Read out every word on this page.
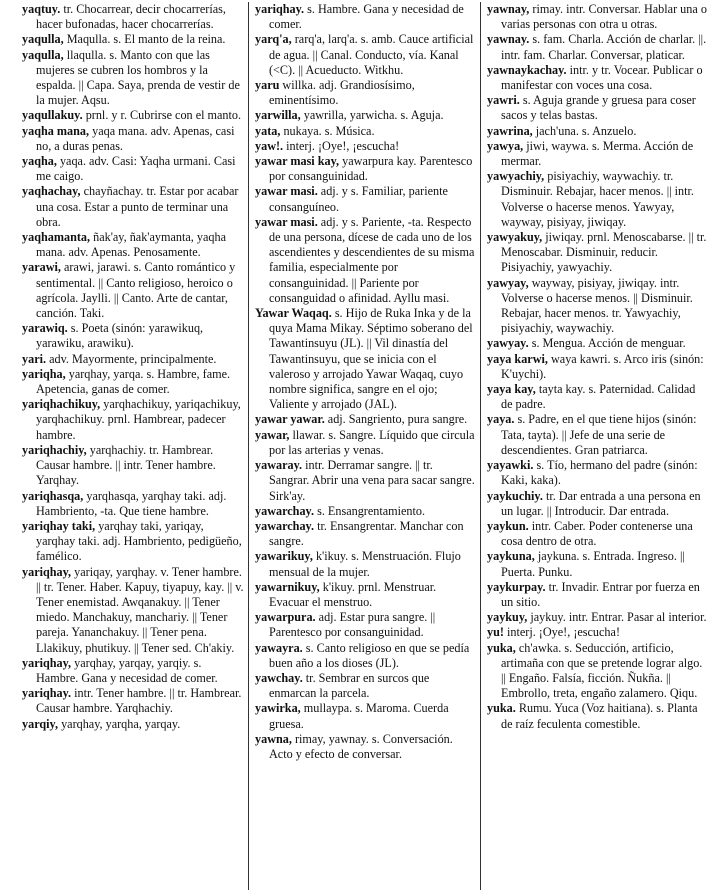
yaqtuy. tr. Chocarrear, decir chocarrerías, hacer bufonadas, hacer chocarrerías.

yaqulla, Maqulla. s. El manto de la reina.

yaqulla, llaqulla. s. Manto con que las mujeres se cubren los hombros y la espalda. || Capa. Saya, prenda de vestir de la mujer. Aqsu.

yaqullakuy. prnl. y r. Cubrirse con el manto.

yaqha mana, yaqa mana. adv. Apenas, casi no, a duras penas.

yaqha, yaqa. adv. Casi: Yaqha urmani. Casi me caigo.

yaqhachay, chayñachay. tr. Estar por acabar una cosa. Estar a punto de terminar una obra.

yaqhamanta, ñak'ay, ñak'aymanta, yaqha mana. adv. Apenas. Penosamente.

yarawi, arawi, jarawi. s. Canto romántico y sentimental. || Canto religioso, heroico o agrícola. Jaylli. || Canto. Arte de cantar, canción. Taki.

yarawiq. s. Poeta (sinón: yarawikuq, yarawiku, arawiku).

yari. adv. Mayormente, principalmente.

yariqha, yarqhay, yarqa. s. Hambre, fame. Apetencia, ganas de comer.

yariqhachikuy, yarqhachikuy, yariqachikuy, yarqhachikuy. prnl. Hambrear, padecer hambre.

yariqhachiy, yarqhachiy. tr. Hambrear. Causar hambre. || intr. Tener hambre. Yarqhay.

yariqhasqa, yarqhasqa, yarqhay taki. adj. Hambriento, -ta. Que tiene hambre.

yariqhay taki, yarqhay taki, yariqay, yarqhay taki. adj. Hambriento, pedigüeño, famélico.

yariqhay, yariqay, yarqhay. v. Tener hambre. || tr. Tener. Haber. Kapuy, tiyapuy, kay. || v. Tener enemistad. Awqanakuy. || Tener miedo. Manchakuy, manchariy. || Tener pareja. Yananchakuy. || Tener pena. Llakikuy, phutikuy. || Tener sed. Ch'akiy.

yariqhay, yarqhay, yarqay, yarqiy. s. Hambre. Gana y necesidad de comer.

yariqhay. intr. Tener hambre. || tr. Hambrear. Causar hambre. Yarqhachiy.

yarqiy, yarqhay, yarqha, yarqay.

yariqhay. s. Hambre. Gana y necesidad de comer.

yarq'a, rarq'a, larq'a. s. amb. Cauce artificial de agua. || Canal. Conducto, vía. Kanal (<C). || Acueducto. Witkhu.

yaru willka. adj. Grandiosísimo, eminentísimo.

yarwilla, yawrilla, yarwicha. s. Aguja.

yata, nukaya. s. Música.

yaw!. interj. ¡Oye!, ¡escucha!

yawar masi kay, yawarpura kay. Parentesco por consanguinidad.

yawar masi. adj. y s. Familiar, pariente consanguíneo.

yawar masi. adj. y s. Pariente, -ta. Respecto de una persona, dícese de cada uno de los ascendientes y descendientes de su misma familia, especialmente por consanguinidad. || Pariente por consanguidad o afinidad. Ayllu masi.

Yawar Waqaq. s. Hijo de Ruka Inka y de la quya Mama Mikay. Séptimo soberano del Tawantinsuyu (JL). || Vil dinastía del Tawantinsuyu, que se inicia con el valeroso y arrojado Yawar Waqaq, cuyo nombre significa, sangre en el ojo; Valiente y arrojado (JAL).

yawar yawar. adj. Sangriento, pura sangre.

yawar, llawar. s. Sangre. Líquido que circula por las arterias y venas.

yawaray. intr. Derramar sangre. || tr. Sangrar. Abrir una vena para sacar sangre. Sirk'ay.

yawarchay. s. Ensangrentamiento.

yawarchay. tr. Ensangrentar. Manchar con sangre.

yawarikuy, k'ikuy. s. Menstruación. Flujo mensual de la mujer.

yawarnikuy, k'ikuy. prnl. Menstruar. Evacuar el menstruo.

yawarpura. adj. Estar pura sangre. || Parentesco por consanguinidad.

yawayra. s. Canto religioso en que se pedía buen año a los dioses (JL).

yawchay. tr. Sembrar en surcos que enmarcan la parcela.

yawirka, mullaypa. s. Maroma. Cuerda gruesa.

yawna, rimay, yawnay. s. Conversación. Acto y efecto de conversar.

yawnay, rimay. intr. Conversar. Hablar una o varias personas con otra u otras.

yawnay. s. fam. Charla. Acción de charlar. ||. intr. fam. Charlar. Conversar, platicar.

yawnaykachay. intr. y tr. Vocear. Publicar o manifestar con voces una cosa.

yawri. s. Aguja grande y gruesa para coser sacos y telas bastas.

yawrina, jach'una. s. Anzuelo.

yawya, jiwi, waywa. s. Merma. Acción de mermar.

yawyachiy, pisiyachiy, waywachiy. tr. Disminuir. Rebajar, hacer menos. || intr. Volverse o hacerse menos. Yawyay, wayway, pisiyay, jiwiqay.

yawyakuy, jiwiqay. prnl. Menoscabarse. || tr. Menoscabar. Disminuir, reducir. Pisiyachiy, yawyachiy.

yawyay, wayway, pisiyay, jiwiqay. intr. Volverse o hacerse menos. || Disminuir. Rebajar, hacer menos. tr. Yawyachiy, pisiyachiy, waywachiy.

yawyay. s. Mengua. Acción de menguar.

yaya karwi, waya kawri. s. Arco iris (sinón: K'uychi).

yaya kay, tayta kay. s. Paternidad. Calidad de padre.

yaya. s. Padre, en el que tiene hijos (sinón: Tata, tayta). || Jefe de una serie de descendientes. Gran patriarca.

yayawki. s. Tío, hermano del padre (sinón: Kaki, kaka).

yaykuchiy. tr. Dar entrada a una persona en un lugar. || Introducir. Dar entrada.

yaykun. intr. Caber. Poder contenerse una cosa dentro de otra.

yaykuna, jaykuna. s. Entrada. Ingreso. || Puerta. Punku.

yaykurpay. tr. Invadir. Entrar por fuerza en un sitio.

yaykuy, jaykuy. intr. Entrar. Pasar al interior.

yu! interj. ¡Oye!, ¡escucha!

yuka, ch'awka. s. Seducción, artificio, artimaña con que se pretende lograr algo. || Engaño. Falsía, ficción. Ñukña. || Embrollo, treta, engaño zalamero. Qiqu.

yuka. Rumu. Yuca (Voz haitiana). s. Planta de raíz feculenta comestible.
